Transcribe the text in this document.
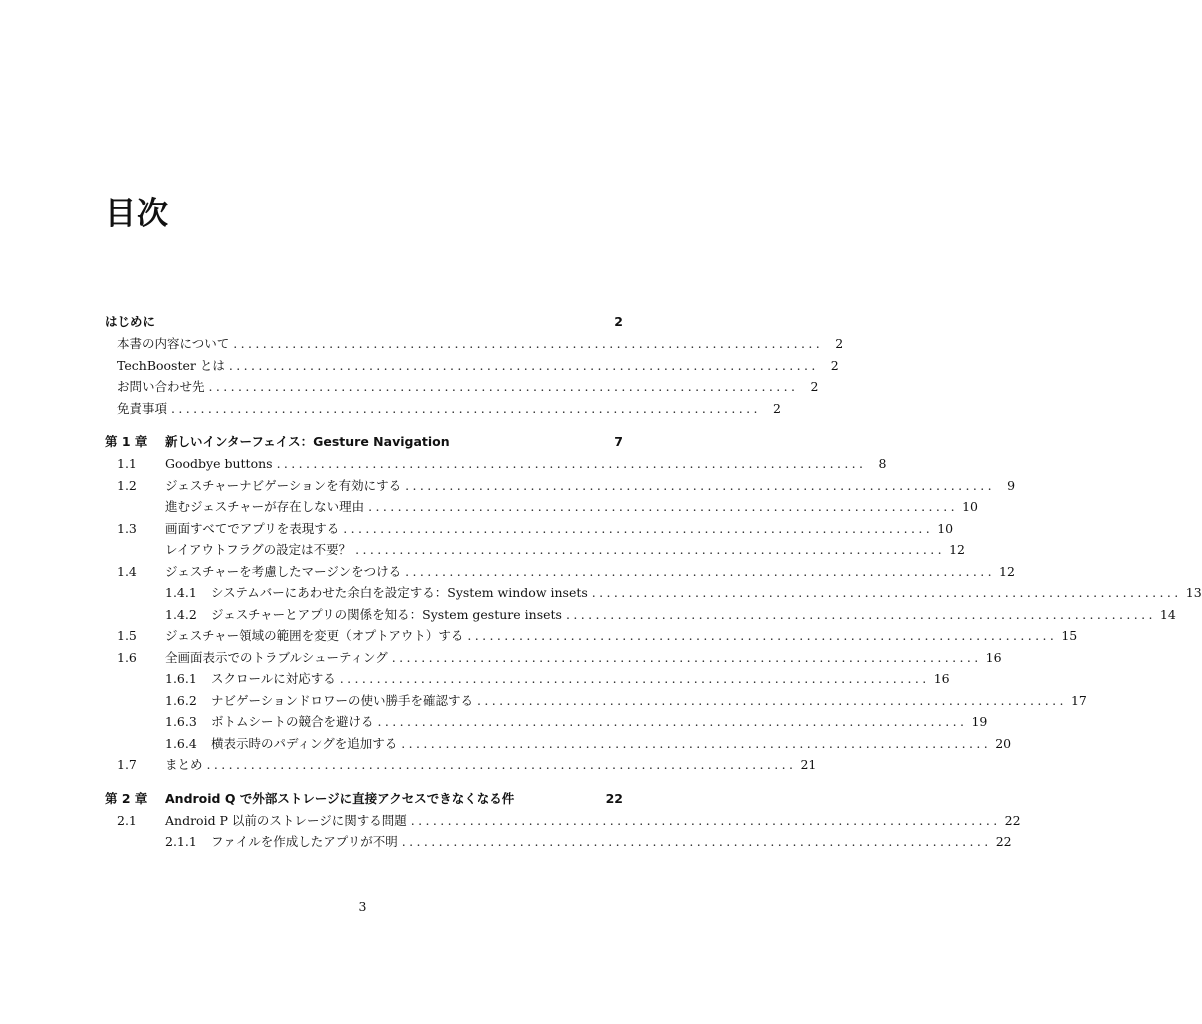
目次
はじめに	2
本書の内容について ................................................................................ 2
TechBooster とは ................................................................................ 2
お問い合わせ先 ................................................................................ 2
免責事項 ................................................................................ 2
第 1 章	新しいインターフェイス：Gesture Navigation	7
1.1	Goodbye buttons ................................................................................ 8
1.2	ジェスチャーナビゲーションを有効にする ................................................................................ 9
進むジェスチャーが存在しない理由 ................................................................................ 10
1.3	画面すべてでアプリを表現する ................................................................................ 10
レイアウトフラグの設定は不要？ ................................................................................ 12
1.4	ジェスチャーを考慮したマージンをつける ................................................................................ 12
1.4.1	システムバーにあわせた余白を設定する：System window insets ................................................................................ 13
1.4.2	ジェスチャーとアプリの関係を知る：System gesture insets ................................................................................ 14
1.5	ジェスチャー領域の範囲を変更（オプトアウト）する ................................................................................ 15
1.6	全画面表示でのトラブルシューティング ................................................................................ 16
1.6.1	スクロールに対応する ................................................................................ 16
1.6.2	ナビゲーションドロワーの使い勝手を確認する ................................................................................ 17
1.6.3	ボトムシートの競合を避ける ................................................................................ 19
1.6.4	横表示時のパディングを追加する ................................................................................ 20
1.7	まとめ ................................................................................ 21
第 2 章	Android Q で外部ストレージに直接アクセスできなくなる件	22
2.1	Android P 以前のストレージに関する問題 ................................................................................ 22
2.1.1	ファイルを作成したアプリが不明 ................................................................................ 22
3
